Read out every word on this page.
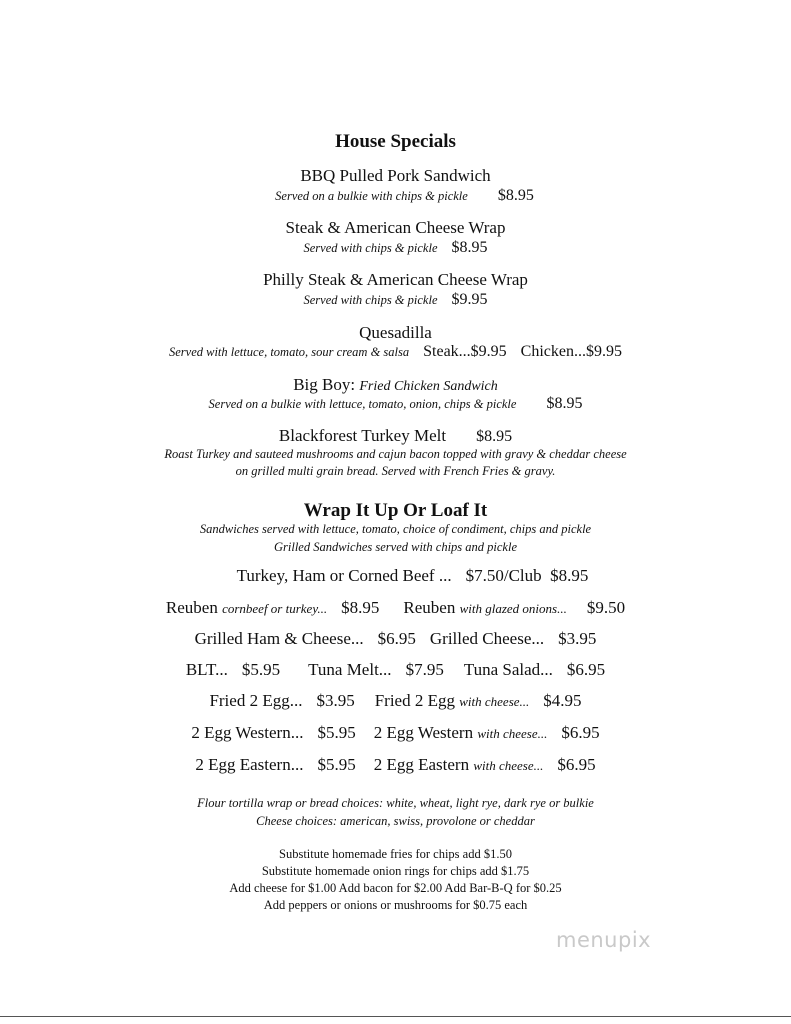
House Specials
BBQ Pulled Pork Sandwich
Served on a bulkie with chips & pickle $8.95
Steak & American Cheese Wrap
Served with chips & pickle $8.95
Philly Steak & American Cheese Wrap
Served with chips & pickle $9.95
Quesadilla
Served with lettuce, tomato, sour cream & salsa Steak...$9.95 Chicken...$9.95
Big Boy: Fried Chicken Sandwich
Served on a bulkie with lettuce, tomato, onion, chips & pickle $8.95
Blackforest Turkey Melt $8.95
Roast Turkey and sauteed mushrooms and cajun bacon topped with gravy & cheddar cheese
on grilled multi grain bread. Served with French Fries & gravy.
Wrap It Up Or Loaf It
Sandwiches served with lettuce, tomato, choice of condiment, chips and pickle
Grilled Sandwiches served with chips and pickle
Turkey, Ham or Corned Beef ... $7.50/Club $8.95
Reuben cornbeef or turkey... $8.95 Reuben with glazed onions... $9.50
Grilled Ham & Cheese... $6.95 Grilled Cheese... $3.95
BLT... $5.95 Tuna Melt... $7.95 Tuna Salad... $6.95
Fried 2 Egg... $3.95 Fried 2 Egg with cheese... $4.95
2 Egg Western... $5.95 2 Egg Western with cheese... $6.95
2 Egg Eastern... $5.95 2 Egg Eastern with cheese... $6.95
Flour tortilla wrap or bread choices: white, wheat, light rye, dark rye or bulkie
Cheese choices: american, swiss, provolone or cheddar
Substitute homemade fries for chips add $1.50
Substitute homemade onion rings for chips add $1.75
Add cheese for $1.00 Add bacon for $2.00 Add Bar-B-Q for $0.25
Add peppers or onions or mushrooms for $0.75 each
menupix
